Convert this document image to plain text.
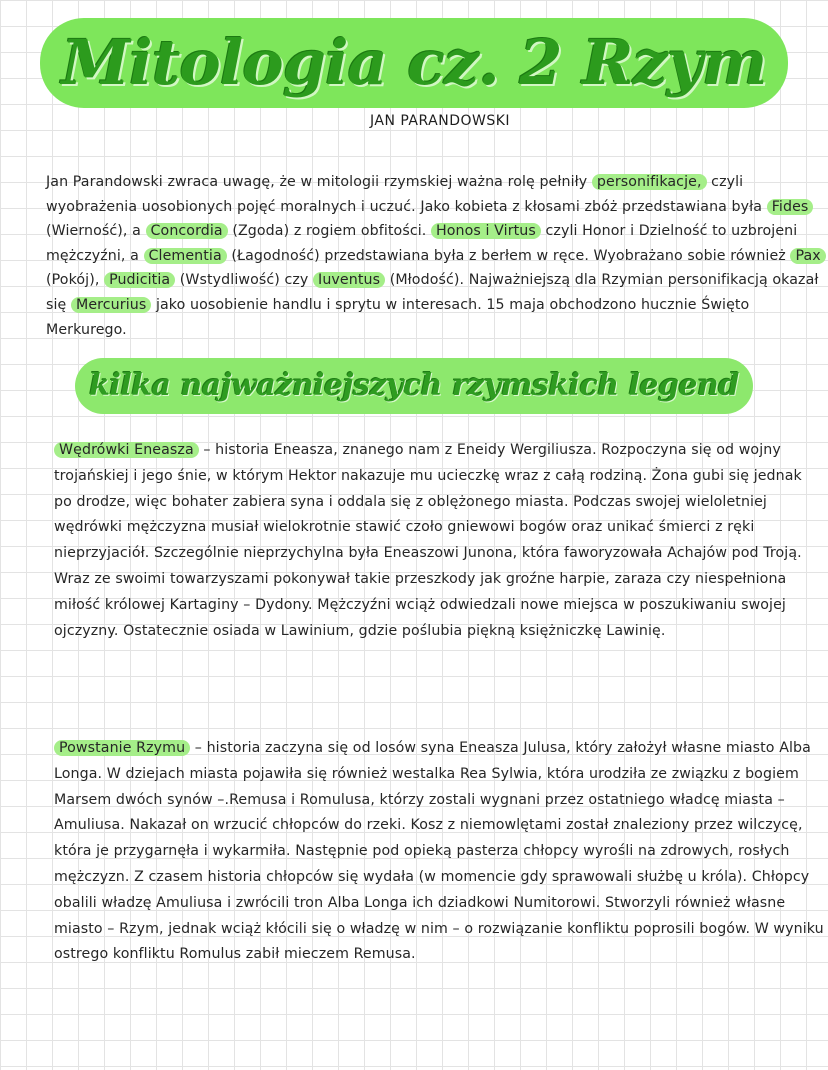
Mitologia cz. 2 Rzym
JAN PARANDOWSKI

Jan Parandowski zwraca uwagę, że w mitologii rzymskiej ważna rolę pełniły personifikacje, czyli wyobrażenia uosobionych pojęć moralnych i uczuć. Jako kobieta z kłosami zbóż przedstawiana była Fides (Wierność), a Concordia (Zgoda) z rogiem obfitości. Honos i Virtus czyli Honor i Dzielność to uzbrojeni mężczyźni, a Clementia (Łagodność) przedstawiana była z berłem w ręce. Wyobrażano sobie również Pax (Pokój), Pudicitia (Wstydliwość) czy Iuventus (Młodość). Najważniejszą dla Rzymian personifikacją okazał się Mercurius jako uosobienie handlu i sprytu w interesach. 15 maja obchodzono hucznie Święto Merkurego.

kilka najważniejszych rzymskich legend

Wędrówki Eneasza – historia Eneasza, znanego nam z Eneidy Wergiliusza. Rozpoczyna się od wojny trojańskiej i jego śnie, w którym Hektor nakazuje mu ucieczkę wraz z całą rodziną. Żona gubi się jednak po drodze, więc bohater zabiera syna i oddala się z oblężonego miasta. Podczas swojej wieloletniej wędrówki mężczyzna musiał wielokrotnie stawić czoło gniewowi bogów oraz unikać śmierci z ręki nieprzyjaciół. Szczególnie nieprzychylna była Eneaszowi Junona, która faworyzowała Achajów pod Troją. Wraz ze swoimi towarzyszami pokonywał takie przeszkody jak groźne harpie, zaraza czy niespełniona miłość królowej Kartaginy – Dydony. Mężczyźni wciąż odwiedzali nowe miejsca w poszukiwaniu swojej ojczyzny. Ostatecznie osiada w Lawinium, gdzie poślubia piękną księżniczkę Lawinię.

Powstanie Rzymu – historia zaczyna się od losów syna Eneasza Julusa, który założył własne miasto Alba Longa. W dziejach miasta pojawiła się również westalka Rea Sylwia, która urodziła ze związku z bogiem Marsem dwóch synów –.Remusa i Romulusa, którzy zostali wygnani przez ostatniego władcę miasta – Amuliusa. Nakazał on wrzucić chłopców do rzeki. Kosz z niemowlętami został znaleziony przez wilczycę, która je przygarnęła i wykarmiła. Następnie pod opieką pasterza chłopcy wyrośli na zdrowych, rosłych mężczyzn. Z czasem historia chłopców się wydała (w momencie gdy sprawowali służbę u króla). Chłopcy obalili władzę Amuliusa i zwrócili tron Alba Longa ich dziadkowi Numitorowi. Stworzyli również własne miasto – Rzym, jednak wciąż kłócili się o władzę w nim – o rozwiązanie konfliktu poprosili bogów. W wyniku ostrego konfliktu Romulus zabił mieczem Remusa.
